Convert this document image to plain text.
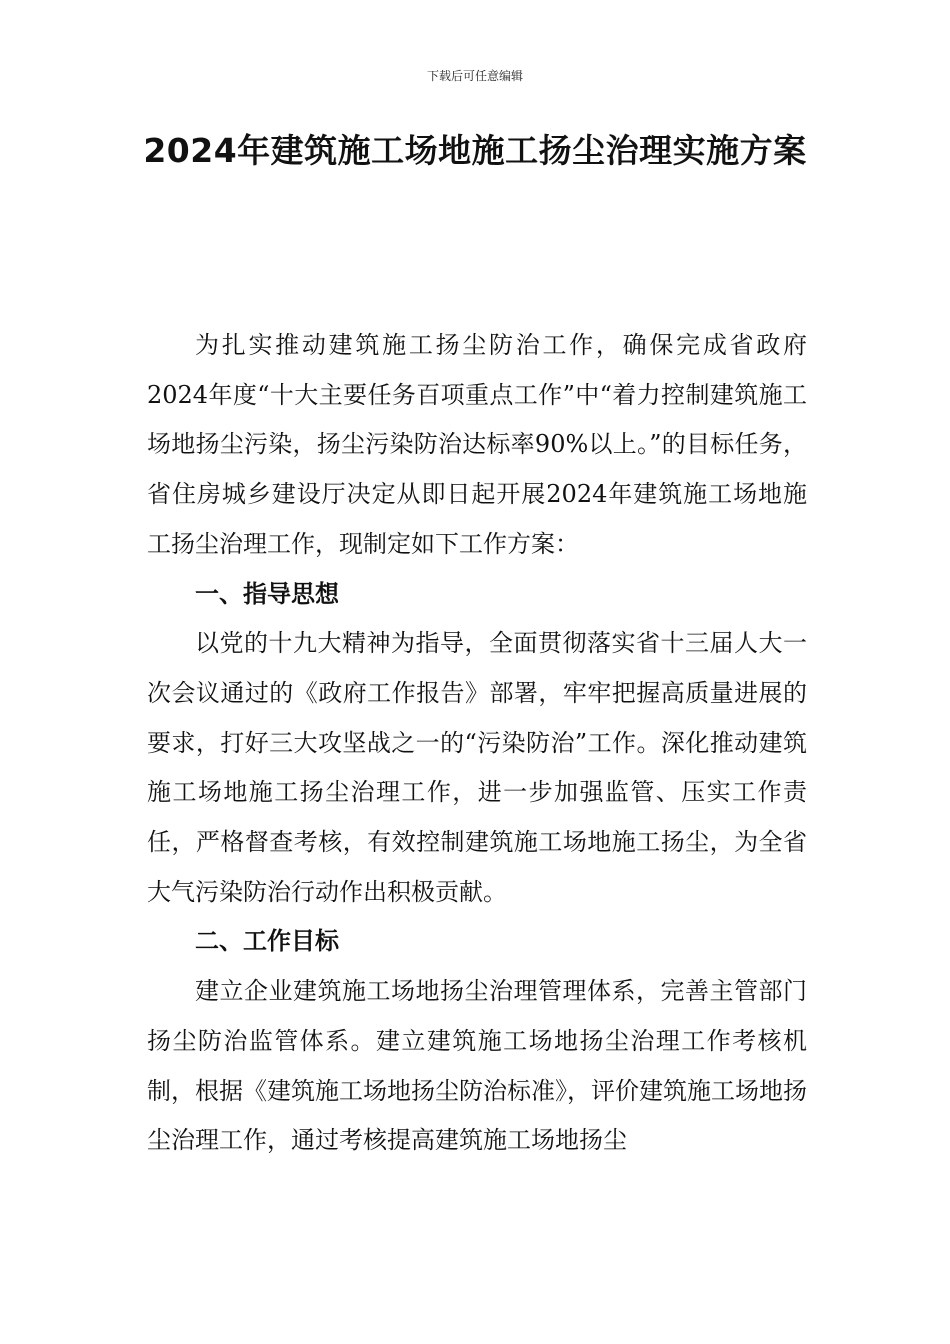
下载后可任意编辑
2024年建筑施工场地施工扬尘治理实施方案

为扎实推动建筑施工扬尘防治工作，确保完成省政府2024年度“十大主要任务百项重点工作”中“着力控制建筑施工场地扬尘污染，扬尘污染防治达标率90%以上。”的目标任务，省住房城乡建设厅决定从即日起开展2024年建筑施工场地施工扬尘治理工作，现制定如下工作方案：

一、指导思想

以党的十九大精神为指导，全面贯彻落实省十三届人大一次会议通过的《政府工作报告》部署，牢牢把握高质量进展的要求，打好三大攻坚战之一的“污染防治”工作。深化推动建筑施工场地施工扬尘治理工作，进一步加强监管、压实工作责任，严格督查考核，有效控制建筑施工场地施工扬尘，为全省大气污染防治行动作出积极贡献。

二、工作目标

建立企业建筑施工场地扬尘治理管理体系，完善主管部门扬尘防治监管体系。建立建筑施工场地扬尘治理工作考核机制，根据《建筑施工场地扬尘防治标准》，评价建筑施工场地扬尘治理工作，通过考核提高建筑施工场地扬尘
